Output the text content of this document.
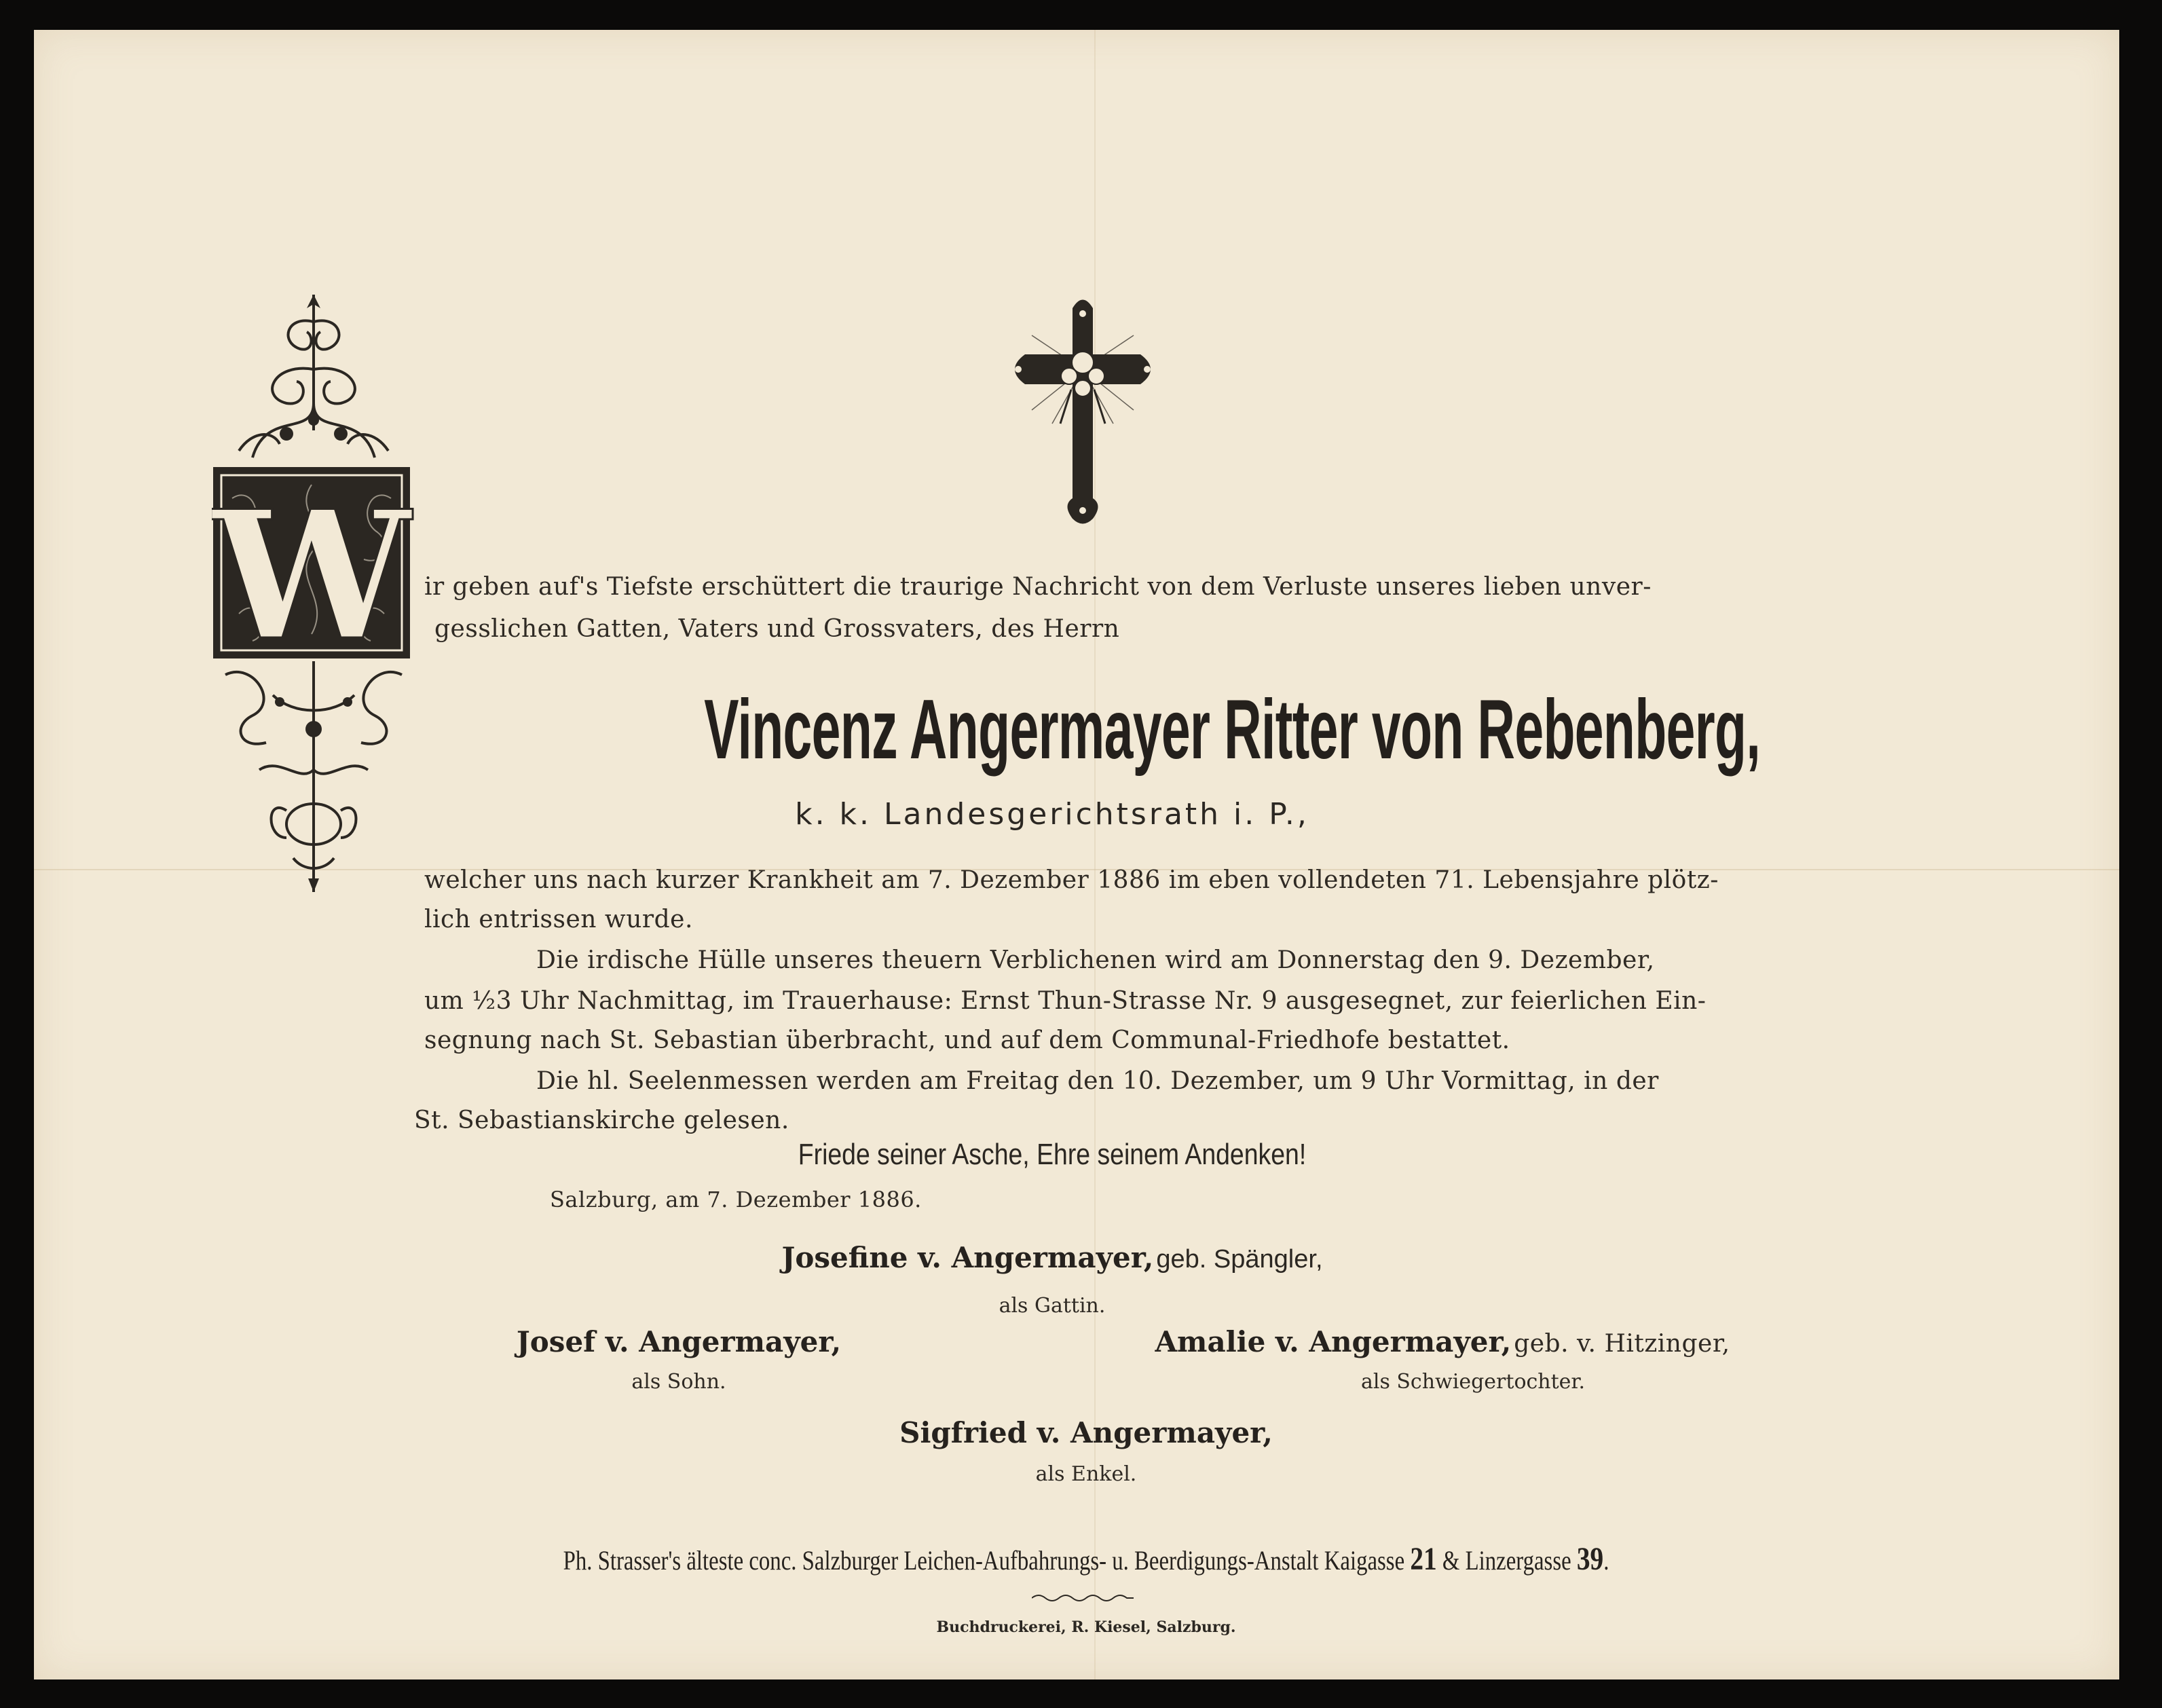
W ir geben auf's Tiefste erschüttert die traurige Nachricht von dem Verluste unseres lieben unver-
gesslichen Gatten, Vaters und Grossvaters, des Herrn
Vincenz Angermayer Ritter von Rebenberg,
k. k. Landesgerichtsrath i. P.,
welcher uns nach kurzer Krankheit am 7. Dezember 1886 im eben vollendeten 71. Lebensjahre plötz-
lich entrissen wurde.
Die irdische Hülle unseres theuern Verblichenen wird am Donnerstag den 9. Dezember,
um ½3 Uhr Nachmittag, im Trauerhause: Ernst Thun-Strasse Nr. 9 ausgesegnet, zur feierlichen Ein-
segnung nach St. Sebastian überbracht, und auf dem Communal-Friedhofe bestattet.
Die hl. Seelenmessen werden am Freitag den 10. Dezember, um 9 Uhr Vormittag, in der
St. Sebastianskirche gelesen.
Friede seiner Asche, Ehre seinem Andenken!
Salzburg, am 7. Dezember 1886.
Josefine v. Angermayer, geb. Spängler,
als Gattin.
Josef v. Angermayer,
als Sohn.
Amalie v. Angermayer, geb. v. Hitzinger,
als Schwiegertochter.
Sigfried v. Angermayer,
als Enkel.
Ph. Strasser's älteste conc. Salzburger Leichen-Aufbahrungs- u. Beerdigungs-Anstalt Kaigasse 21 & Linzergasse 39.
Buchdruckerei, R. Kiesel, Salzburg.
